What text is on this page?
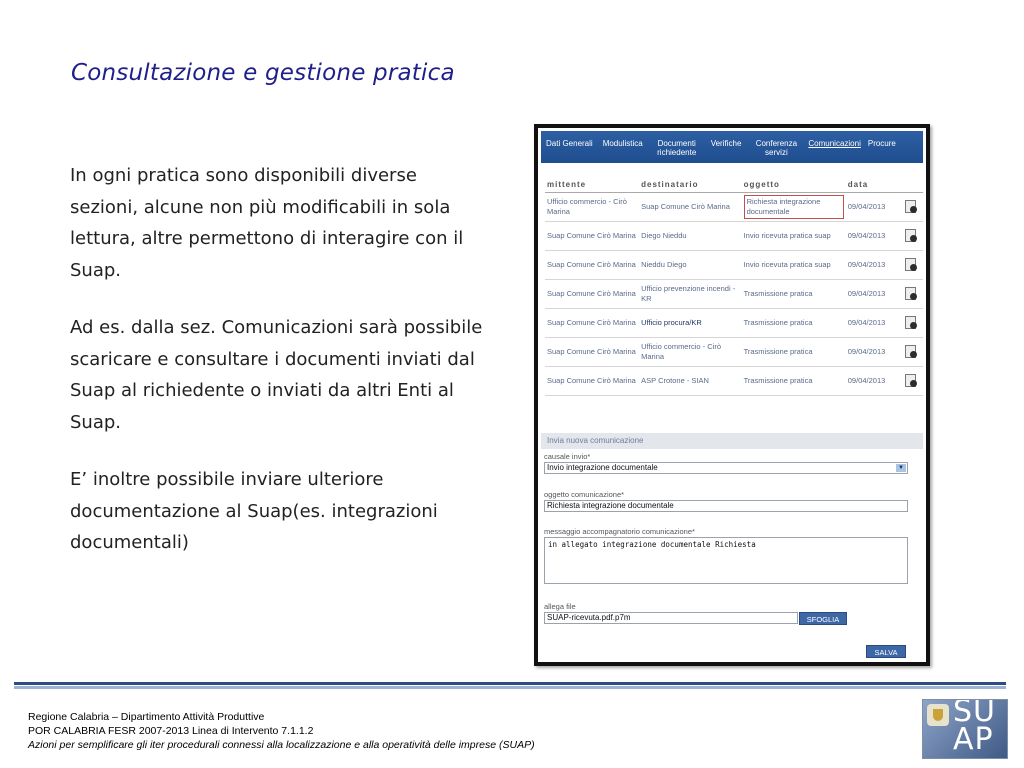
Consultazione e gestione pratica

In ogni pratica sono disponibili diverse sezioni, alcune non più modificabili in sola lettura, altre permettono di interagire con il Suap.

Ad es. dalla sez. Comunicazioni sarà possibile scaricare e consultare i documenti inviati dal Suap al richiedente o inviati da altri Enti al Suap.

E’ inoltre possibile inviare ulteriore documentazione al Suap(es. integrazioni documentali)

Dati Generali	Modulistica	Documenti richiedente
Verifiche	Conferenza servizi
Comunicazioni Procure
mittente	destinatario	oggetto	data	
Ufficio commercio - Cirò Marina	Suap Comune Cirò Marina	Richiesta integrazione documentale	09/04/2013	
Suap Comune Cirò Marina	Diego Nieddu	Invio ricevuta pratica suap	09/04/2013	
Suap Comune Cirò Marina	Nieddu Diego	Invio ricevuta pratica suap	09/04/2013	
Suap Comune Cirò Marina	Ufficio prevenzione incendi - KR	Trasmissione pratica	09/04/2013	
Suap Comune Cirò Marina	Ufficio procura/KR	Trasmissione pratica	09/04/2013	
Suap Comune Cirò Marina	Ufficio commercio - Cirò Marina	Trasmissione pratica	09/04/2013	
Suap Comune Cirò Marina	ASP Crotone - SIAN	Trasmissione pratica	09/04/2013	
Invia nuova comunicazione
causale invio*
Invio integrazione documentale	▼
oggetto comunicazione*
Richiesta integrazione documentale
messaggio accompagnatorio comunicazione*
in allegato integrazione documentale Richiesta
allega file
SUAP-ricevuta.pdf.p7m	SFOGLIA
SALVA
Regione Calabria – Dipartimento Attività Produttive
POR CALABRIA FESR 2007-2013 Linea di Intervento 7.1.1.2
Azioni per semplificare gli iter procedurali connessi alla localizzazione e alla operatività delle imprese (SUAP)
SU
AP
